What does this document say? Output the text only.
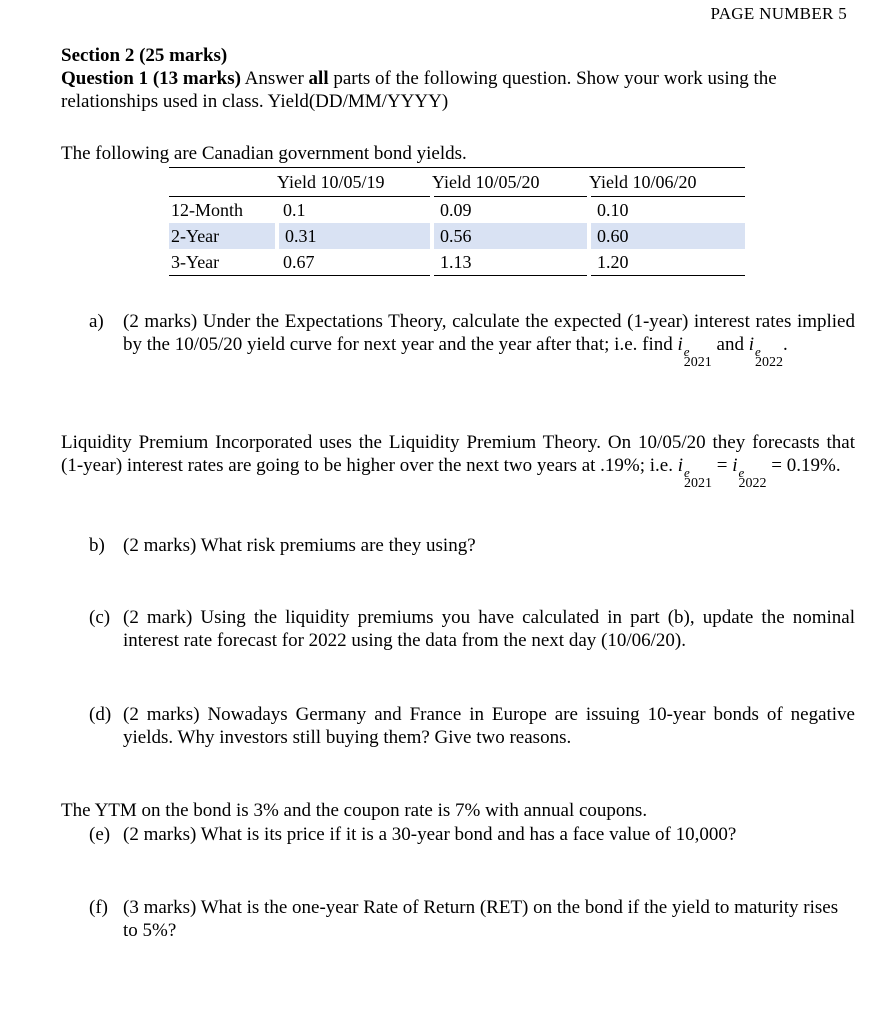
PAGE NUMBER 5
Section 2 (25 marks)
Question 1 (13 marks) Answer all parts of the following question. Show your work using the relationships used in class. Yield(DD/MM/YYYY)
The following are Canadian government bond yields.
	Yield 10/05/19	Yield 10/05/20	Yield 10/06/20
12-Month	0.1	0.09	0.10
2-Year	0.31	0.56	0.60
3-Year	0.67	1.13	1.20
a) (2 marks) Under the Expectations Theory, calculate the expected (1-year) interest rates implied by the 10/05/20 yield curve for next year and the year after that; i.e. find i e
2021
and i e
2022
.
Liquidity Premium Incorporated uses the Liquidity Premium Theory. On 10/05/20 they forecasts that (1-year) interest rates are going to be higher over the next two years at .19%; i.e. i e
2021
= i e
2022
= 0.19%.
b) (2 marks) What risk premiums are they using?
(c) (2 mark) Using the liquidity premiums you have calculated in part (b), update the nominal interest rate forecast for 2022 using the data from the next day (10/06/20).
(d) (2 marks) Nowadays Germany and France in Europe are issuing 10-year bonds of negative yields. Why investors still buying them? Give two reasons.
The YTM on the bond is 3% and the coupon rate is 7% with annual coupons.
(e) (2 marks) What is its price if it is a 30-year bond and has a face value of 10,000?
(f) (3 marks) What is the one-year Rate of Return (RET) on the bond if the yield to maturity rises to 5%?
